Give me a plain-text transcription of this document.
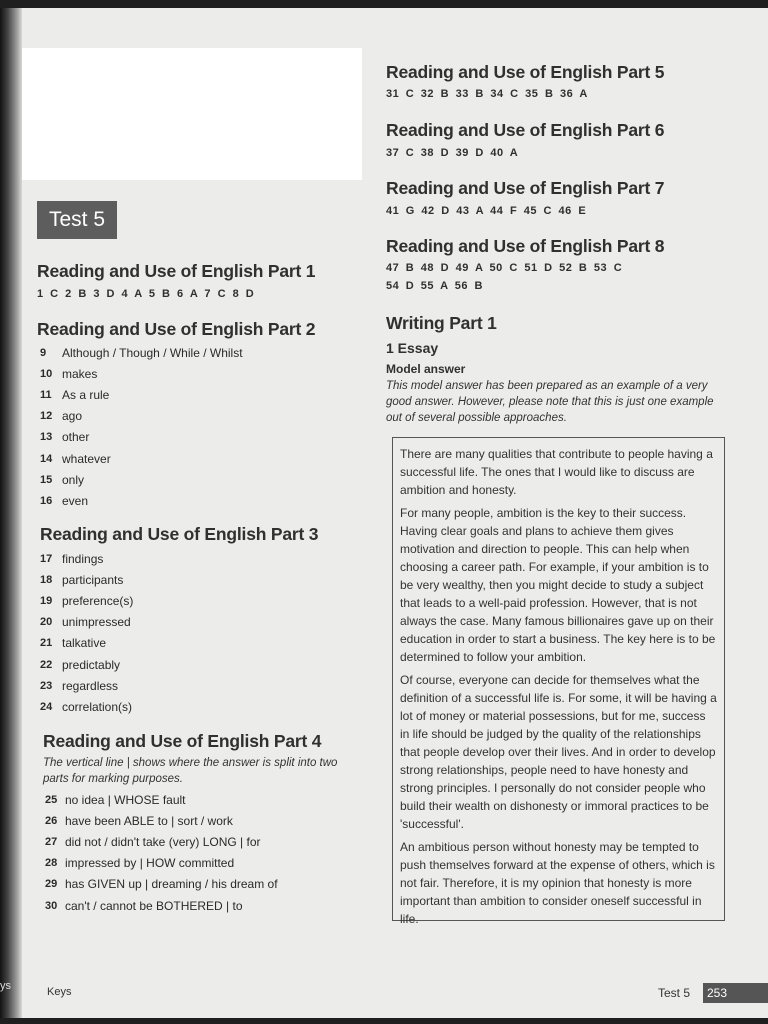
ys
Test 5
Reading and Use of English Part 1
1 C 2 B 3 D 4 A 5 B 6 A 7 C 8 D
Reading and Use of English Part 2
9	Although / Though / While / Whilst
10 makes
11 As a rule
12 ago
13 other
14 whatever
15 only
16 even
Reading and Use of English Part 3
17 findings
18 participants
19 preference(s)
20 unimpressed
21 talkative
22 predictably
23 regardless
24 correlation(s)
Reading and Use of English Part 4
The vertical line | shows where the answer is split into two parts for marking purposes.
25 no idea | WHOSE fault
26 have been ABLE to | sort / work
27 did not / didn't take (very) LONG | for
28 impressed by | HOW committed
29 has GIVEN up | dreaming / his dream of
30 can't / cannot be BOTHERED | to
Reading and Use of English Part 5
31 C 32 B 33 B 34 C 35 B 36 A
Reading and Use of English Part 6
37 C 38 D 39 D 40 A
Reading and Use of English Part 7
41 G 42 D 43 A 44 F 45 C 46 E
Reading and Use of English Part 8
47 B 48 D 49 A 50 C 51 D 52 B 53 C
54 D 55 A 56 B
Writing Part 1
1 Essay
Model answer
This model answer has been prepared as an example of a very good answer. However, please note that this is just one example out of several possible approaches.

There are many qualities that contribute to people having a successful life. The ones that I would like to discuss are ambition and honesty.

For many people, ambition is the key to their success. Having clear goals and plans to achieve them gives motivation and direction to people. This can help when choosing a career path. For example, if your ambition is to be very wealthy, then you might decide to study a subject that leads to a well-paid profession. However, that is not always the case. Many famous billionaires gave up on their education in order to start a business. The key here is to be determined to follow your ambition.

Of course, everyone can decide for themselves what the definition of a successful life is. For some, it will be having a lot of money or material possessions, but for me, success in life should be judged by the quality of the relationships that people develop over their lives. And in order to develop strong relationships, people need to have honesty and strong principles. I personally do not consider people who build their wealth on dishonesty or immoral practices to be 'successful'.

An ambitious person without honesty may be tempted to push themselves forward at the expense of others, which is not fair. Therefore, it is my opinion that honesty is more important than ambition to consider oneself successful in life.

Keys	Test 5	253
